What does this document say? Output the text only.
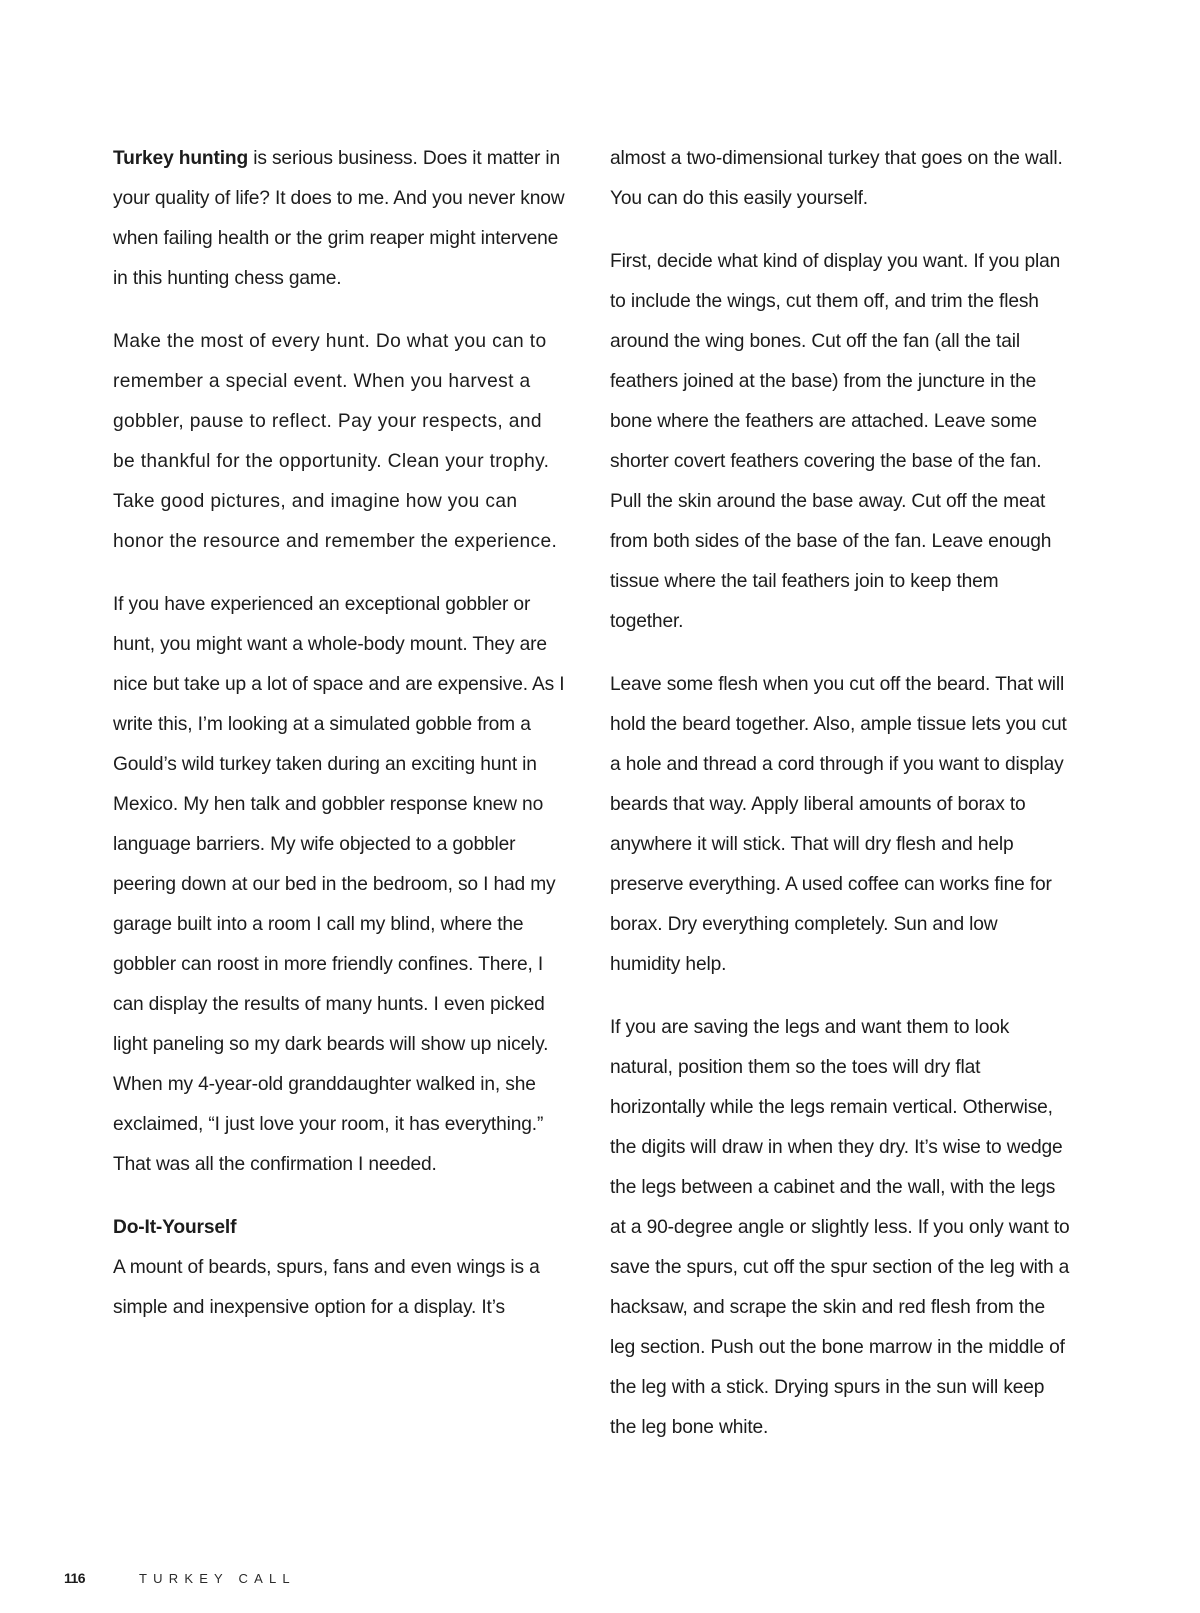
Turkey hunting is serious business. Does it matter in your quality of life? It does to me. And you never know when failing health or the grim reaper might intervene in this hunting chess game.

Make the most of every hunt. Do what you can to remember a special event. When you harvest a gobbler, pause to reflect. Pay your respects, and be thankful for the opportunity. Clean your trophy. Take good pictures, and imagine how you can honor the resource and remember the experience.

If you have experienced an exceptional gobbler or hunt, you might want a whole-body mount. They are nice but take up a lot of space and are expensive. As I write this, I’m looking at a simulated gobble from a Gould’s wild turkey taken during an exciting hunt in Mexico. My hen talk and gobbler response knew no language barriers. My wife objected to a gobbler peering down at our bed in the bedroom, so I had my garage built into a room I call my blind, where the gobbler can roost in more friendly confines. There, I can display the results of many hunts. I even picked light paneling so my dark beards will show up nicely. When my 4-year-old granddaughter walked in, she exclaimed, “I just love your room, it has everything.” That was all the confirmation I needed.

Do-It-Yourself

A mount of beards, spurs, fans and even wings is a simple and inexpensive option for a display. It’s

almost a two-dimensional turkey that goes on the wall. You can do this easily yourself.

First, decide what kind of display you want. If you plan to include the wings, cut them off, and trim the flesh around the wing bones. Cut off the fan (all the tail feathers joined at the base) from the juncture in the bone where the feathers are attached. Leave some shorter covert feathers covering the base of the fan. Pull the skin around the base away. Cut off the meat from both sides of the base of the fan. Leave enough tissue where the tail feathers join to keep them together.

Leave some flesh when you cut off the beard. That will hold the beard together. Also, ample tissue lets you cut a hole and thread a cord through if you want to display beards that way. Apply liberal amounts of borax to anywhere it will stick. That will dry flesh and help preserve everything. A used coffee can works fine for borax. Dry everything completely. Sun and low humidity help.

If you are saving the legs and want them to look natural, position them so the toes will dry flat horizontally while the legs remain vertical. Otherwise, the digits will draw in when they dry. It’s wise to wedge the legs between a cabinet and the wall, with the legs at a 90-degree angle or slightly less. If you only want to save the spurs, cut off the spur section of the leg with a hacksaw, and scrape the skin and red flesh from the leg section. Push out the bone marrow in the middle of the leg with a stick. Drying spurs in the sun will keep the leg bone white.

116	TURKEY CALL
